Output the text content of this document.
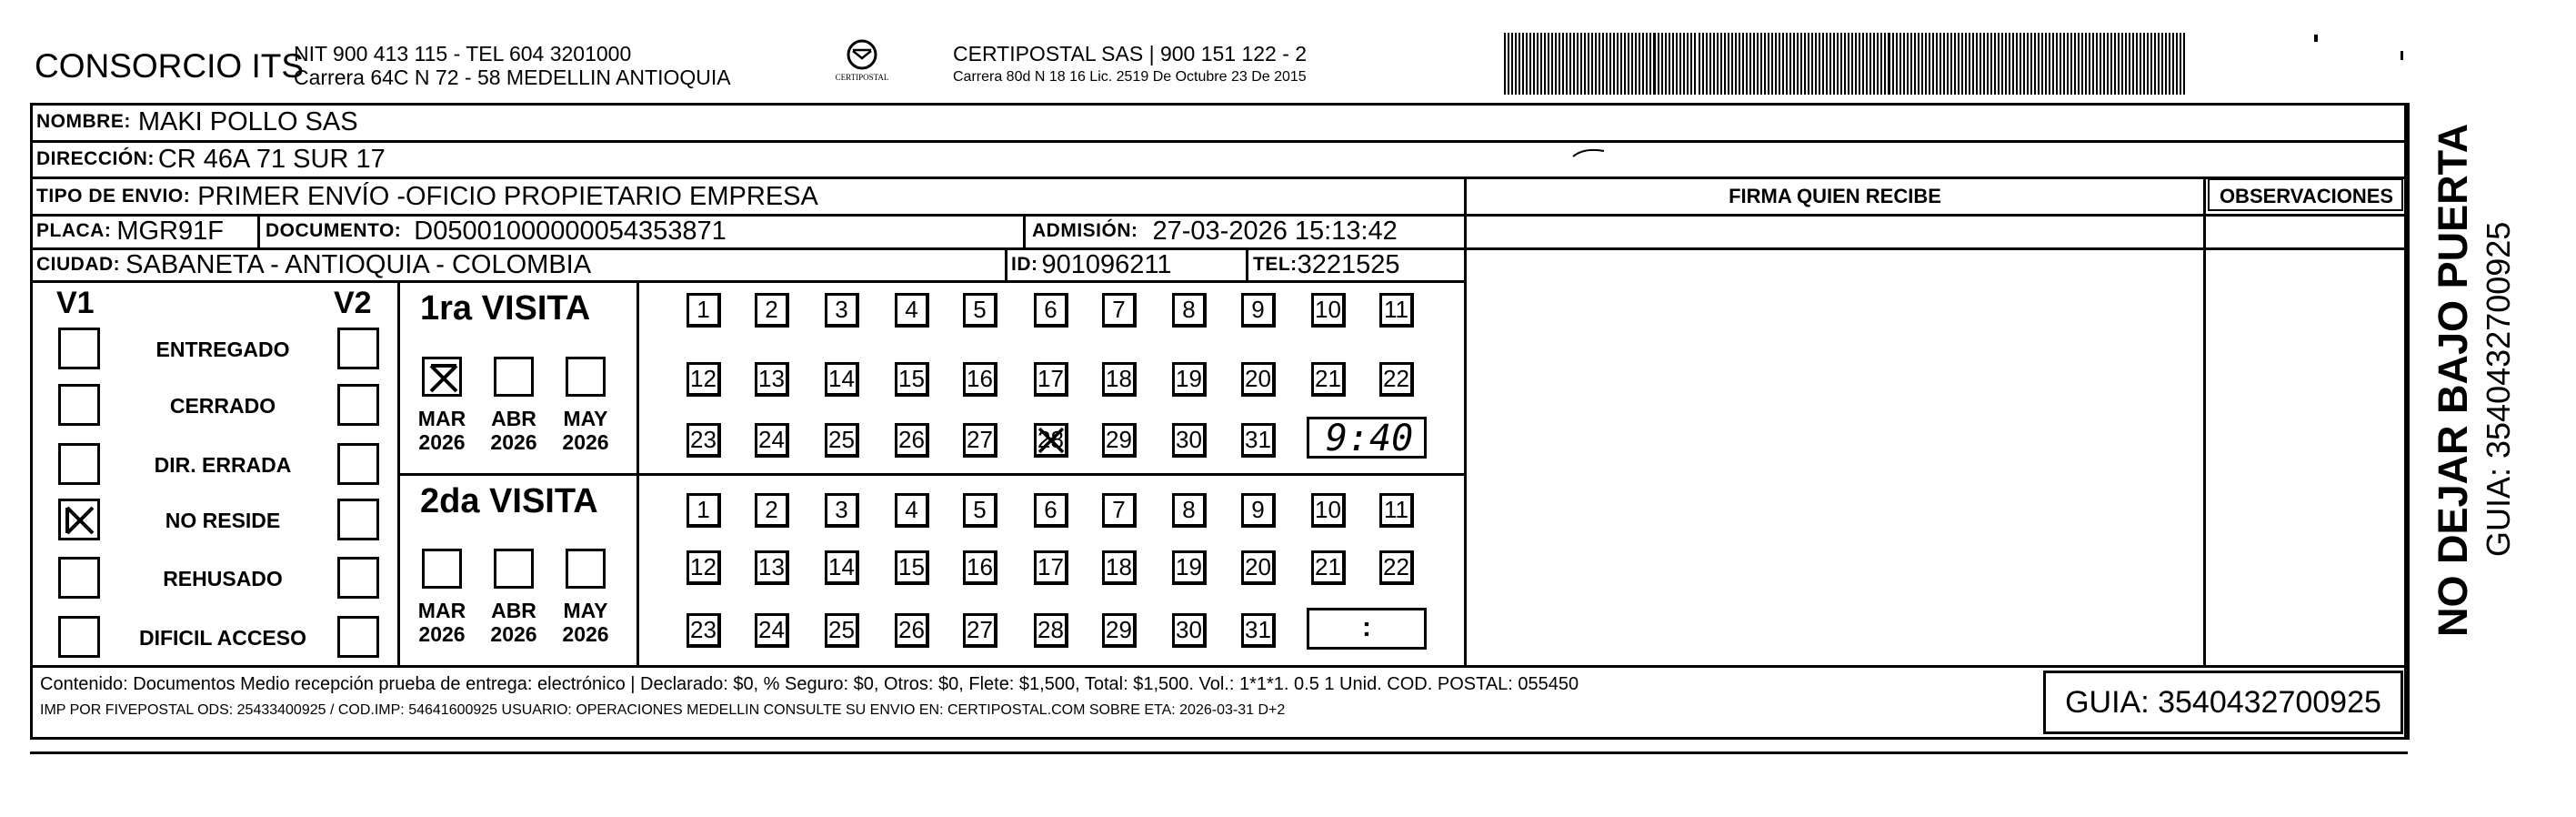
CONSORCIO ITS
NIT 900 413 115 - TEL 604 3201000
Carrera 64C N 72 - 58 MEDELLIN ANTIOQUIA	CERTIPOSTAL
CERTIPOSTAL SAS | 900 151 122 - 2
Carrera 80d N 18 16 Lic. 2519 De Octubre 23 De 2015
NOMBRE: MAKI POLLO SAS
DIRECCIÓN: CR 46A 71 SUR 17
TIPO DE ENVIO: PRIMER ENVÍO -OFICIO PROPIETARIO EMPRESA	FIRMA QUIEN RECIBE	OBSERVACIONES
PLACA: MGR91F DOCUMENTO: D05001000000054353871	ADMISIÓN: 27-03-2026 15:13:42
CIUDAD: SABANETA - ANTIOQUIA - COLOMBIA	ID: 901096211	TEL: 3221525
V1	V2
ENTREGADO
CERRADO
DIR. ERRADA
NO RESIDE
REHUSADO
DIFICIL ACCESO
1ra VISITA
2da VISITA
MAR
2026
ABR
2026
MAY
2026
MAR
2026
ABR
2026
MAY
2026
1 2 3 4 5 6 7 8 9 10 11
12 13 14 15 16 17 18 19 20 21 22
23 24 25 26 27 28 29 30 31
1 2 3 4 5 6 7 8 9 10 11
12 13 14 15 16 17 18 19 20 21 22
23 24 25 26 27 28 29 30 31
9:40
:
Contenido: Documentos Medio recepción prueba de entrega: electrónico | Declarado: $0, % Seguro: $0, Otros: $0, Flete: $1,500, Total: $1,500. Vol.: 1*1*1. 0.5 1 Unid. COD. POSTAL: 055450
IMP POR FIVEPOSTAL ODS: 25433400925 / COD.IMP: 54641600925 USUARIO: OPERACIONES MEDELLIN CONSULTE SU ENVIO EN: CERTIPOSTAL.COM SOBRE ETA: 2026-03-31 D+2	GUIA: 3540432700925
NO DEJAR BAJO PUERTA GUIA: 3540432700925
